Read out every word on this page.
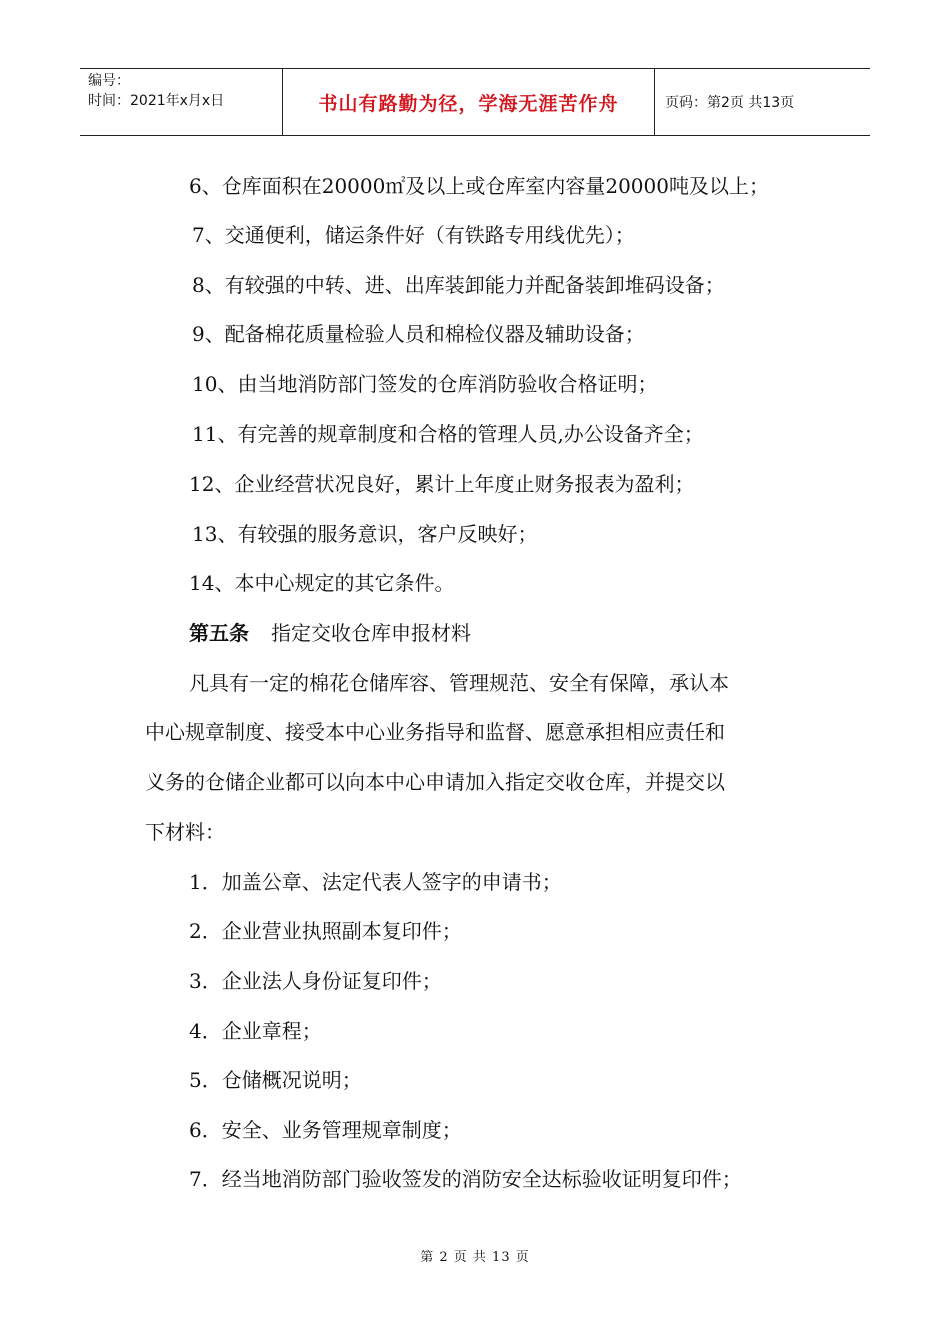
编号：
时间：2021年x月x日	书山有路勤为径，学海无涯苦作舟	页码：第2页 共13页
6、仓库面积在20000㎡及以上或仓库室内容量20000吨及以上；
7、交通便利，储运条件好（有铁路专用线优先）；
8、有较强的中转、进、出库装卸能力并配备装卸堆码设备；
9、配备棉花质量检验人员和棉检仪器及辅助设备；
10、由当地消防部门签发的仓库消防验收合格证明；
11、有完善的规章制度和合格的管理人员,办公设备齐全；
12、企业经营状况良好，累计上年度止财务报表为盈利；
13、有较强的服务意识，客户反映好；
14、本中心规定的其它条件。
第五条 指定交收仓库申报材料
凡具有一定的棉花仓储库容、管理规范、安全有保障，承认本
中心规章制度、接受本中心业务指导和监督、愿意承担相应责任和
义务的仓储企业都可以向本中心申请加入指定交收仓库，并提交以
下材料：
1．加盖公章、法定代表人签字的申请书；
2．企业营业执照副本复印件；
3．企业法人身份证复印件；
4．企业章程；
5．仓储概况说明；
6．安全、业务管理规章制度；
7．经当地消防部门验收签发的消防安全达标验收证明复印件；
第 2 页 共 13 页
